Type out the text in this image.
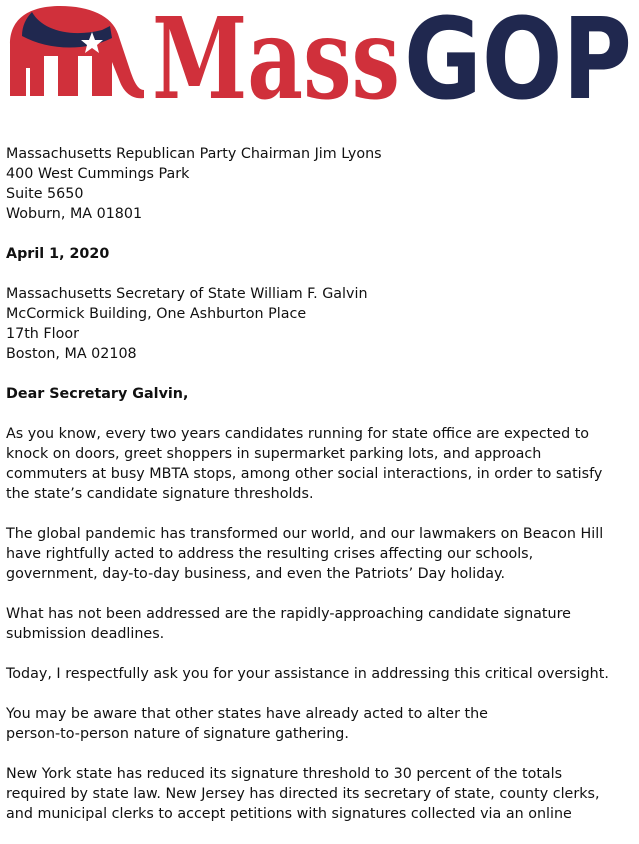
Mass GOP
Massachusetts Republican Party Chairman Jim Lyons
400 West Cummings Park
Suite 5650
Woburn, MA 01801
April 1, 2020
Massachusetts Secretary of State William F. Galvin
McCormick Building, One Ashburton Place
17th Floor
Boston, MA 02108
Dear Secretary Galvin,

As you know, every two years candidates running for state office are expected to
knock on doors, greet shoppers in supermarket parking lots, and approach
commuters at busy MBTA stops, among other social interactions, in order to satisfy
the state’s candidate signature thresholds.

The global pandemic has transformed our world, and our lawmakers on Beacon Hill
have rightfully acted to address the resulting crises affecting our schools,
government, day-to-day business, and even the Patriots’ Day holiday.

What has not been addressed are the rapidly-approaching candidate signature
submission deadlines.

Today, I respectfully ask you for your assistance in addressing this critical oversight.

You may be aware that other states have already acted to alter the
person-to-person nature of signature gathering.

New York state has reduced its signature threshold to 30 percent of the totals
required by state law. New Jersey has directed its secretary of state, county clerks,
and municipal clerks to accept petitions with signatures collected via an online
